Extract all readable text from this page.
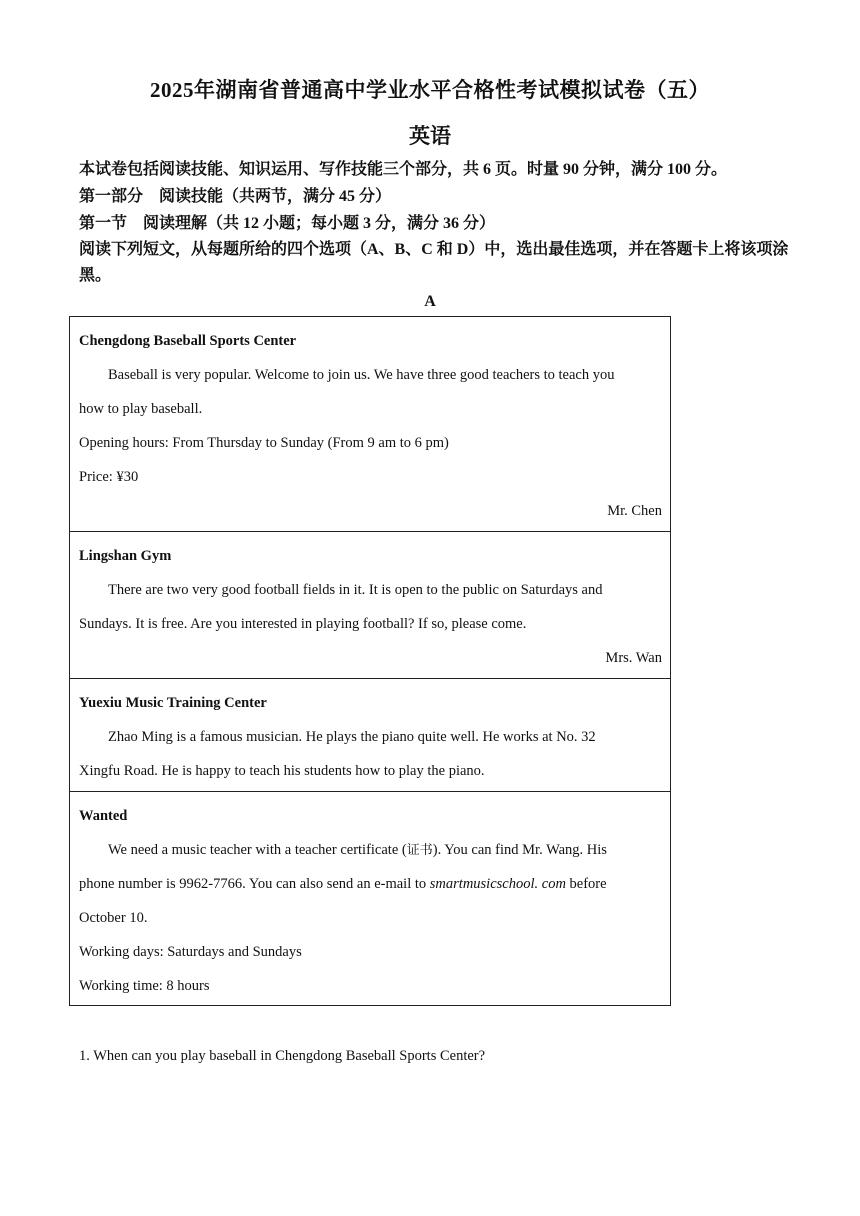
2025年湖南省普通高中学业水平合格性考试模拟试卷（五）
英语
本试卷包括阅读技能、知识运用、写作技能三个部分，共 6 页。时量 90 分钟，满分 100 分。
第一部分　阅读技能（共两节，满分 45 分）
第一节　阅读理解（共 12 小题；每小题 3 分，满分 36 分）
阅读下列短文，从每题所给的四个选项（A、B、C 和 D）中，选出最佳选项，并在答题卡上将该项涂黑。
A
Chengdong Baseball Sports Center
Baseball is very popular. Welcome to join us. We have three good teachers to teach you
how to play baseball.
Opening hours: From Thursday to Sunday (From 9 am to 6 pm)
Price: ¥30
Mr. Chen

Lingshan Gym
There are two very good football fields in it. It is open to the public on Saturdays and
Sundays. It is free. Are you interested in playing football? If so, please come.
Mrs. Wan

Yuexiu Music Training Center
Zhao Ming is a famous musician. He plays the piano quite well. He works at No. 32
Xingfu Road. He is happy to teach his students how to play the piano.

Wanted
We need a music teacher with a teacher certificate (证书). You can find Mr. Wang. His
phone number is 9962-7766. You can also send an e-mail to smartmusicschool. com before
October 10.
Working days: Saturdays and Sundays
Working time: 8 hours
1. When can you play baseball in Chengdong Baseball Sports Center?
